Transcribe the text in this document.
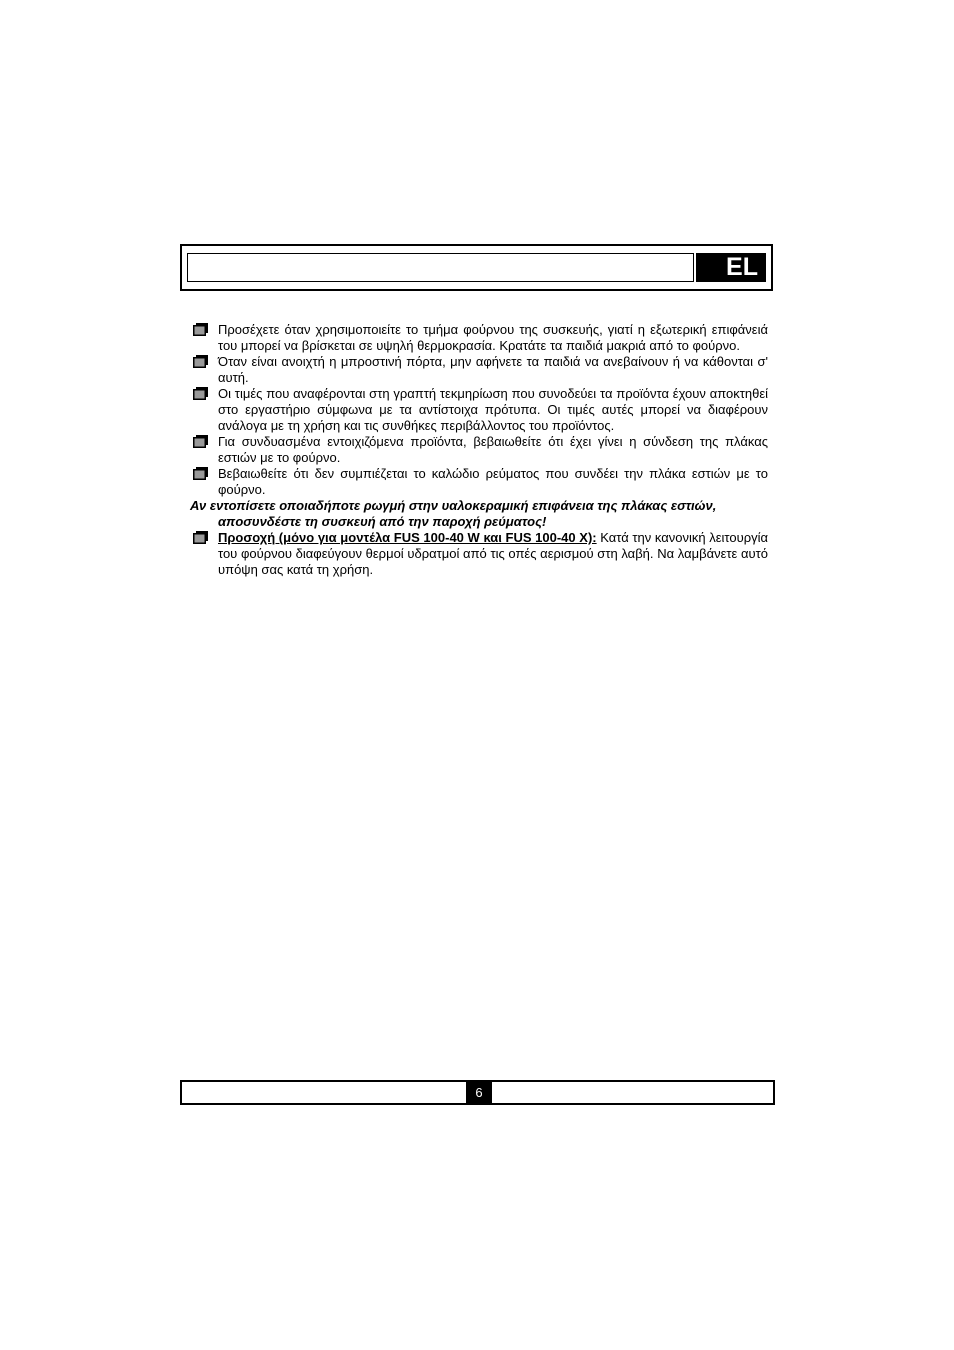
EL
Προσέχετε όταν χρησιμοποιείτε το τμήμα φούρνου της συσκευής, γιατί η εξωτερική επιφάνειά του μπορεί να βρίσκεται σε υψηλή θερμοκρασία. Κρατάτε τα παιδιά μακριά από το φούρνο.
Όταν είναι ανοιχτή η μπροστινή πόρτα, μην αφήνετε τα παιδιά να ανεβαίνουν ή να κάθονται σ' αυτή.
Οι τιμές που αναφέρονται στη γραπτή τεκμηρίωση που συνοδεύει τα προϊόντα έχουν αποκτηθεί στο εργαστήριο σύμφωνα με τα αντίστοιχα πρότυπα. Οι τιμές αυτές μπορεί να διαφέρουν ανάλογα με τη χρήση και τις συνθήκες περιβάλλοντος του προϊόντος.
Για συνδυασμένα εντοιχιζόμενα προϊόντα, βεβαιωθείτε ότι έχει γίνει η σύνδεση της πλάκας εστιών με το φούρνο.
Βεβαιωθείτε ότι δεν συμπιέζεται το καλώδιο ρεύματος που συνδέει την πλάκα εστιών με το φούρνο.
Αν εντοπίσετε οποιαδήποτε ρωγμή στην υαλοκεραμική επιφάνεια της πλάκας εστιών,
αποσυνδέστε τη συσκευή από την παροχή ρεύματος!
Προσοχή (μόνο για μοντέλα FUS 100-40 W και FUS 100-40 X): Κατά την κανονική λειτουργία του φούρνου διαφεύγουν θερμοί υδρατμοί από τις οπές αερισμού στη λαβή. Να λαμβάνετε αυτό υπόψη σας κατά τη χρήση.
6
